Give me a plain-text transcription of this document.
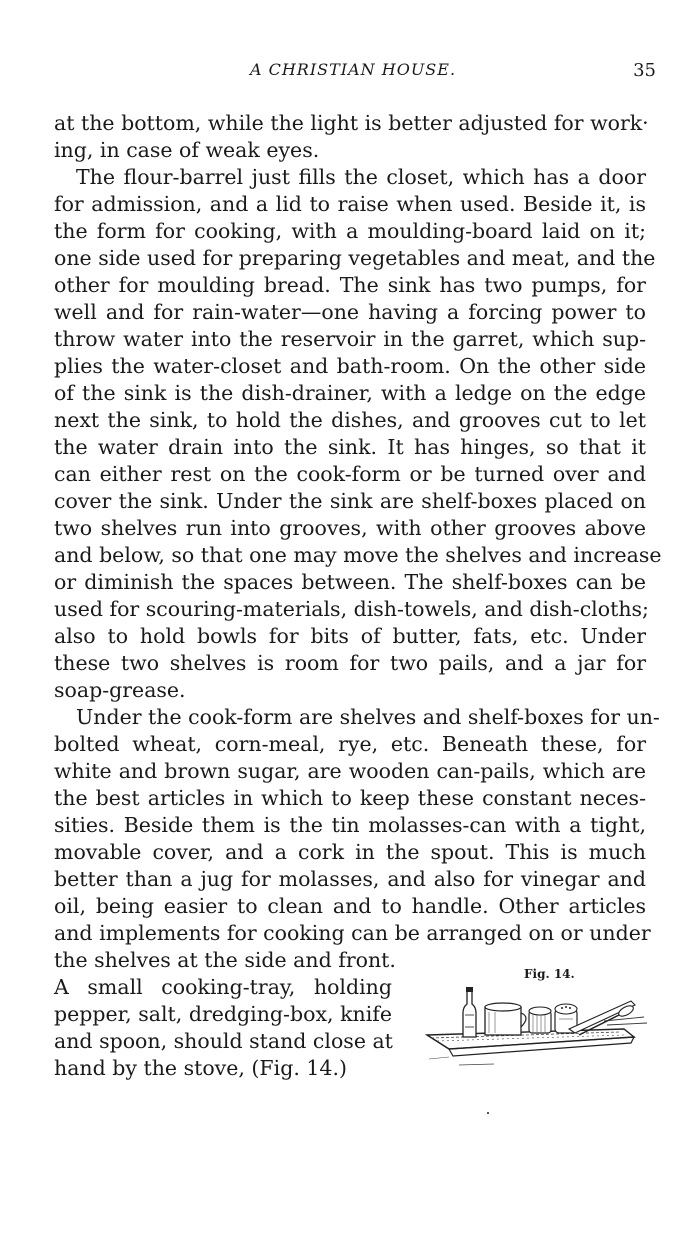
A CHRISTIAN HOUSE.	35
at the bottom, while the light is better adjusted for work·
ing, in case of weak eyes.
The flour-barrel just fills the closet, which has a door
for admission, and a lid to raise when used. Beside it, is
the form for cooking, with a moulding-board laid on it;
one side used for preparing vegetables and meat, and the
other for moulding bread. The sink has two pumps, for
well and for rain-water—one having a forcing power to
throw water into the reservoir in the garret, which sup-
plies the water-closet and bath-room. On the other side
of the sink is the dish-drainer, with a ledge on the edge
next the sink, to hold the dishes, and grooves cut to let
the water drain into the sink. It has hinges, so that it
can either rest on the cook-form or be turned over and
cover the sink. Under the sink are shelf-boxes placed on
two shelves run into grooves, with other grooves above
and below, so that one may move the shelves and increase
or diminish the spaces between. The shelf-boxes can be
used for scouring-materials, dish-towels, and dish-cloths;
also to hold bowls for bits of butter, fats, etc. Under
these two shelves is room for two pails, and a jar for
soap-grease.
Under the cook-form are shelves and shelf-boxes for un-
bolted wheat, corn-meal, rye, etc. Beneath these, for
white and brown sugar, are wooden can-pails, which are
the best articles in which to keep these constant neces-
sities. Beside them is the tin molasses-can with a tight,
movable cover, and a cork in the spout. This is much
better than a jug for molasses, and also for vinegar and
oil, being easier to clean and to handle. Other articles
and implements for cooking can be arranged on or under
the shelves at the side and front.
A small cooking-tray, holding
pepper, salt, dredging-box, knife
and spoon, should stand close at
hand by the stove, (Fig. 14.)
Fig. 14.
